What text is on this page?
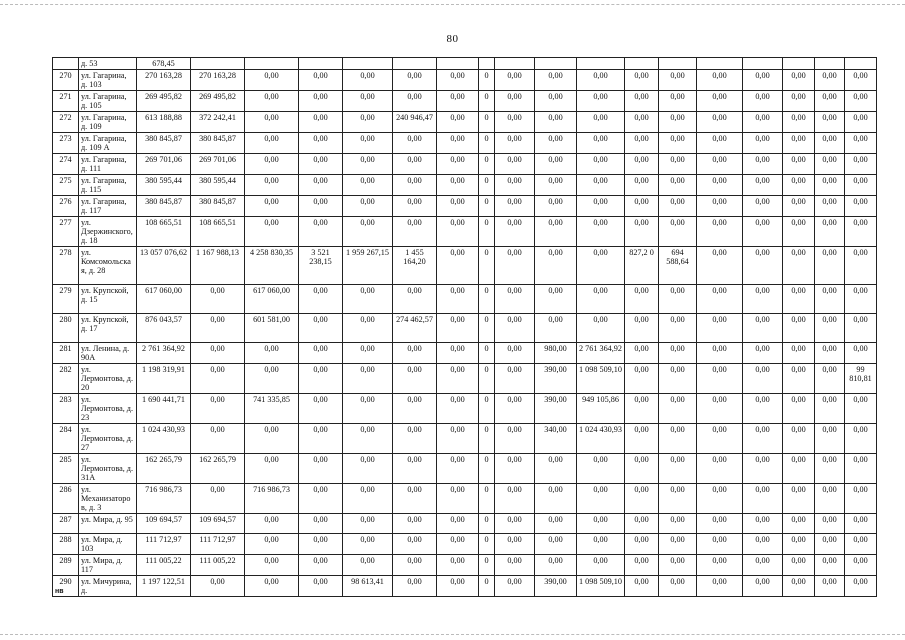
80
	д. 53	678,45																	
270	ул. Гагарина, д. 103	270 163,28	270 163,28	0,00	0,00	0,00	0,00	0,00	0	0,00	0,00	0,00	0,00	0,00	0,00	0,00	0,00	0,00	0,00
271	ул. Гагарина, д. 105	269 495,82	269 495,82	0,00	0,00	0,00	0,00	0,00	0	0,00	0,00	0,00	0,00	0,00	0,00	0,00	0,00	0,00	0,00
272	ул. Гагарина, д. 109	613 188,88	372 242,41	0,00	0,00	0,00	240 946,47	0,00	0	0,00	0,00	0,00	0,00	0,00	0,00	0,00	0,00	0,00	0,00
273	ул. Гагарина, д. 109 А	380 845,87	380 845,87	0,00	0,00	0,00	0,00	0,00	0	0,00	0,00	0,00	0,00	0,00	0,00	0,00	0,00	0,00	0,00
274	ул. Гагарина, д. 111	269 701,06	269 701,06	0,00	0,00	0,00	0,00	0,00	0	0,00	0,00	0,00	0,00	0,00	0,00	0,00	0,00	0,00	0,00
275	ул. Гагарина, д. 115	380 595,44	380 595,44	0,00	0,00	0,00	0,00	0,00	0	0,00	0,00	0,00	0,00	0,00	0,00	0,00	0,00	0,00	0,00
276	ул. Гагарина, д. 117	380 845,87	380 845,87	0,00	0,00	0,00	0,00	0,00	0	0,00	0,00	0,00	0,00	0,00	0,00	0,00	0,00	0,00	0,00
277	ул. Дзержинского, д. 18	108 665,51	108 665,51	0,00	0,00	0,00	0,00	0,00	0	0,00	0,00	0,00	0,00	0,00	0,00	0,00	0,00	0,00	0,00
278	ул. Комсомольская, д. 28	13 057 076,62	1 167 988,13	4 258 830,35	3 521 238,15	1 959 267,15	1 455 164,20	0,00	0	0,00	0,00	0,00	827,2 0	694 588,64	0,00	0,00	0,00	0,00	0,00
279	ул. Крупской, д. 15	617 060,00	0,00	617 060,00	0,00	0,00	0,00	0,00	0	0,00	0,00	0,00	0,00	0,00	0,00	0,00	0,00	0,00	0,00
280	ул. Крупской, д. 17	876 043,57	0,00	601 581,00	0,00	0,00	274 462,57	0,00	0	0,00	0,00	0,00	0,00	0,00	0,00	0,00	0,00	0,00	0,00
281	ул. Ленина, д. 90А	2 761 364,92	0,00	0,00	0,00	0,00	0,00	0,00	0	0,00	980,00	2 761 364,92	0,00	0,00	0,00	0,00	0,00	0,00	0,00
282	ул. Лермонтова, д. 20	1 198 319,91	0,00	0,00	0,00	0,00	0,00	0,00	0	0,00	390,00	1 098 509,10	0,00	0,00	0,00	0,00	0,00	0,00	99 810,81
283	ул. Лермонтова, д. 23	1 690 441,71	0,00	741 335,85	0,00	0,00	0,00	0,00	0	0,00	390,00	949 105,86	0,00	0,00	0,00	0,00	0,00	0,00	0,00
284	ул. Лермонтова, д. 27	1 024 430,93	0,00	0,00	0,00	0,00	0,00	0,00	0	0,00	340,00	1 024 430,93	0,00	0,00	0,00	0,00	0,00	0,00	0,00
285	ул. Лермонтова, д. 31А	162 265,79	162 265,79	0,00	0,00	0,00	0,00	0,00	0	0,00	0,00	0,00	0,00	0,00	0,00	0,00	0,00	0,00	0,00
286	ул. Механизаторов, д. 3	716 986,73	0,00	716 986,73	0,00	0,00	0,00	0,00	0	0,00	0,00	0,00	0,00	0,00	0,00	0,00	0,00	0,00	0,00
287	ул. Мира, д. 95	109 694,57	109 694,57	0,00	0,00	0,00	0,00	0,00	0	0,00	0,00	0,00	0,00	0,00	0,00	0,00	0,00	0,00	0,00
288	ул. Мира, д. 103	111 712,97	111 712,97	0,00	0,00	0,00	0,00	0,00	0	0,00	0,00	0,00	0,00	0,00	0,00	0,00	0,00	0,00	0,00
289	ул. Мира, д. 117	111 005,22	111 005,22	0,00	0,00	0,00	0,00	0,00	0	0,00	0,00	0,00	0,00	0,00	0,00	0,00	0,00	0,00	0,00
290	ул. Мичурина, д.	1 197 122,51	0,00	0,00	0,00	98 613,41	0,00	0,00	0	0,00	390,00	1 098 509,10	0,00	0,00	0,00	0,00	0,00	0,00	0,00
нв
